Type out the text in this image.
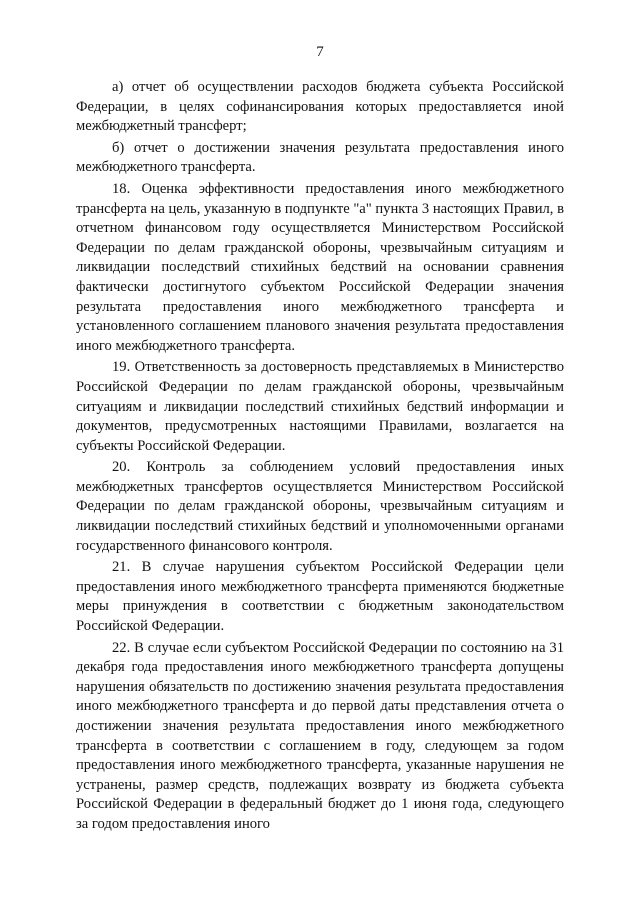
7

а) отчет об осуществлении расходов бюджета субъекта Российской Федерации, в целях софинансирования которых предоставляется иной межбюджетный трансферт;

б) отчет о достижении значения результата предоставления иного межбюджетного трансферта.

18. Оценка эффективности предоставления иного межбюджетного трансферта на цель, указанную в подпункте "а" пункта 3 настоящих Правил, в отчетном финансовом году осуществляется Министерством Российской Федерации по делам гражданской обороны, чрезвычайным ситуациям и ликвидации последствий стихийных бедствий на основании сравнения фактически достигнутого субъектом Российской Федерации значения результата предоставления иного межбюджетного трансферта и установленного соглашением планового значения результата предоставления иного межбюджетного трансферта.

19. Ответственность за достоверность представляемых в Министерство Российской Федерации по делам гражданской обороны, чрезвычайным ситуациям и ликвидации последствий стихийных бедствий информации и документов, предусмотренных настоящими Правилами, возлагается на субъекты Российской Федерации.

20. Контроль за соблюдением условий предоставления иных межбюджетных трансфертов осуществляется Министерством Российской Федерации по делам гражданской обороны, чрезвычайным ситуациям и ликвидации последствий стихийных бедствий и уполномоченными органами государственного финансового контроля.

21. В случае нарушения субъектом Российской Федерации цели предоставления иного межбюджетного трансферта применяются бюджетные меры принуждения в соответствии с бюджетным законодательством Российской Федерации.

22. В случае если субъектом Российской Федерации по состоянию на 31 декабря года предоставления иного межбюджетного трансферта допущены нарушения обязательств по достижению значения результата предоставления иного межбюджетного трансферта и до первой даты представления отчета о достижении значения результата предоставления иного межбюджетного трансферта в соответствии с соглашением в году, следующем за годом предоставления иного межбюджетного трансферта, указанные нарушения не устранены, размер средств, подлежащих возврату из бюджета субъекта Российской Федерации в федеральный бюджет до 1 июня года, следующего за годом предоставления иного
